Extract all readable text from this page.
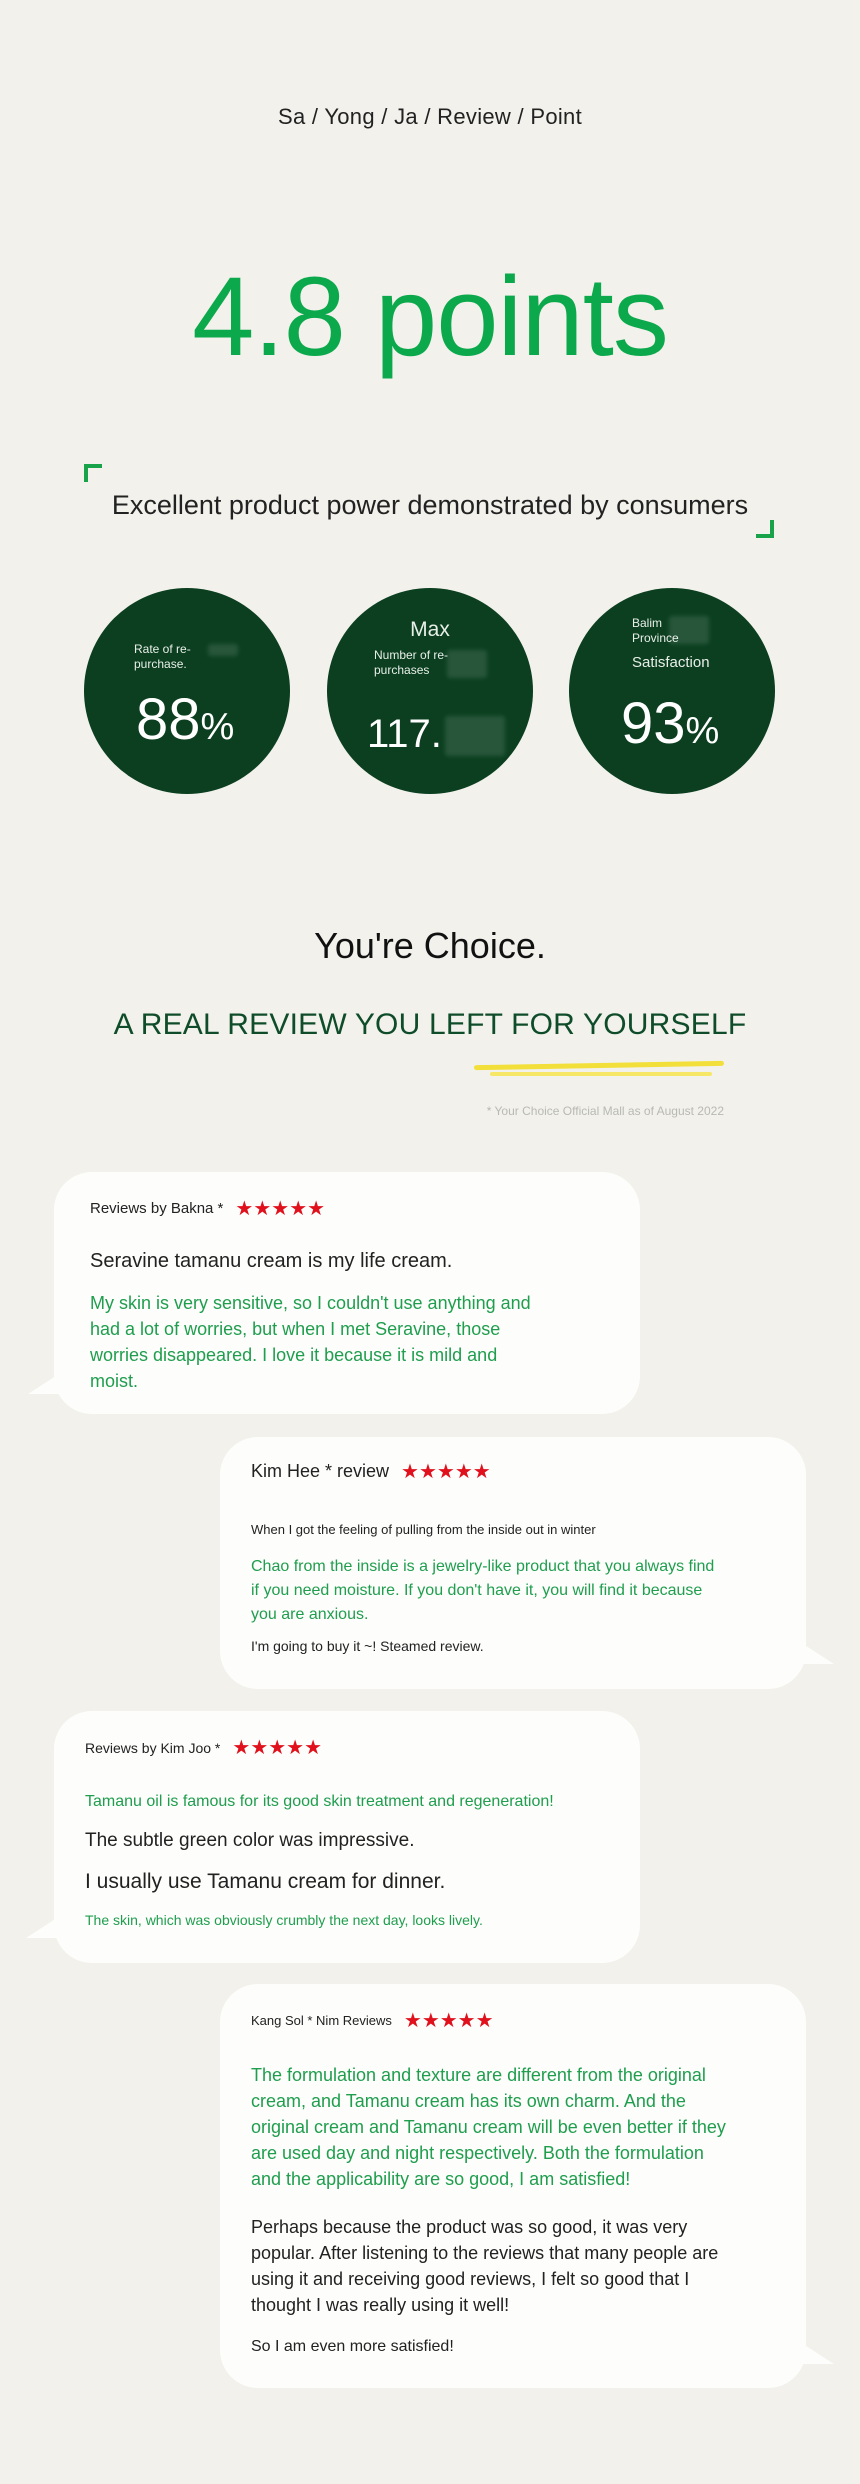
Sa / Yong / Ja / Review / Point
4.8 points
Excellent product power demonstrated by consumers
Rate of re-
purchase.
88%
Max
Number of re-
purchases
117.
Balim
Province
Satisfaction
93%
You're Choice.
A REAL REVIEW YOU LEFT FOR YOURSELF
* Your Choice Official Mall as of August 2022
Reviews by Bakna * ★★★★★
Seravine tamanu cream is my life cream.
My skin is very sensitive, so I couldn't use anything and
had a lot of worries, but when I met Seravine, those
worries disappeared. I love it because it is mild and
moist.
Kim Hee * review ★★★★★
When I got the feeling of pulling from the inside out in winter
Chao from the inside is a jewelry-like product that you always find
if you need moisture. If you don't have it, you will find it because
you are anxious.
I'm going to buy it ~! Steamed review.
Reviews by Kim Joo * ★★★★★
Tamanu oil is famous for its good skin treatment and regeneration!
The subtle green color was impressive.
I usually use Tamanu cream for dinner.
The skin, which was obviously crumbly the next day, looks lively.
Kang Sol * Nim Reviews ★★★★★
The formulation and texture are different from the original
cream, and Tamanu cream has its own charm. And the
original cream and Tamanu cream will be even better if they
are used day and night respectively. Both the formulation
and the applicability are so good, I am satisfied!
Perhaps because the product was so good, it was very
popular. After listening to the reviews that many people are
using it and receiving good reviews, I felt so good that I
thought I was really using it well!
So I am even more satisfied!
